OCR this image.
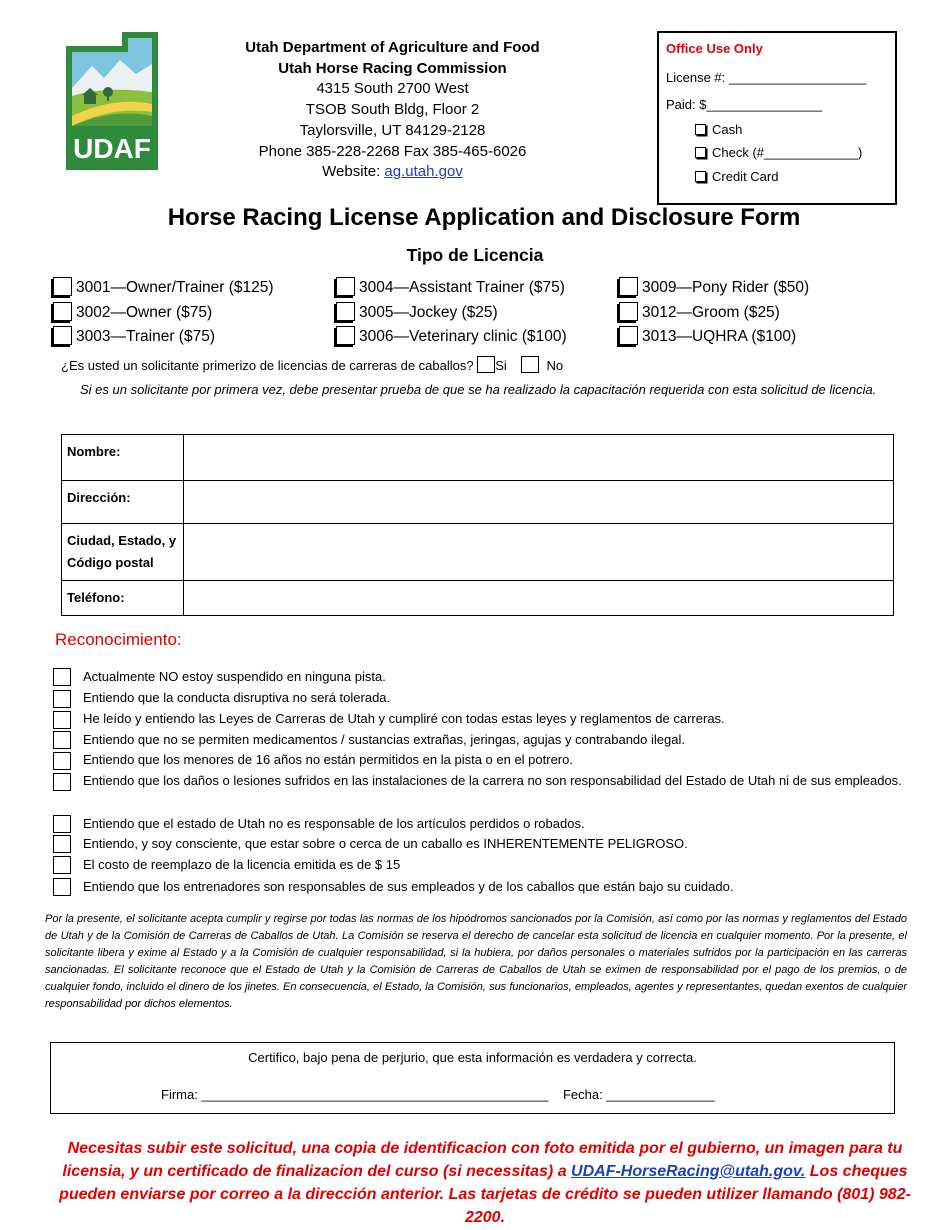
UDAF
Utah Department of Agriculture and Food
Utah Horse Racing Commission
4315 South 2700 West
TSOB South Bldg, Floor 2
Taylorsville, UT 84129-2128
Phone 385-228-2268 Fax 385-465-6026
Website: ag.utah.gov
Office Use Only
License #: ___________________
Paid: $________________
Cash
Check (#_____________)
Credit Card
Horse Racing License Application and Disclosure Form
Tipo de Licencia
3001—Owner/Trainer ($125)
3002—Owner ($75)
3003—Trainer ($75)
3004—Assistant Trainer ($75)
3005—Jockey ($25)
3006—Veterinary clinic ($100)
3009—Pony Rider ($50)
3012—Groom ($25)
3013—UQHRA ($100)
¿Es usted un solicitante primerizo de licencias de carreras de caballos? Si	No
Si es un solicitante por primera vez, debe presentar prueba de que se ha realizado la capacitación requerida con esta solicitud de licencia.
Nombre:	
Dirección:	
Ciudad, Estado, y Código postal	
Teléfono:	
Reconocimiento:
Actualmente NO estoy suspendido en ninguna pista.
Entiendo que la conducta disruptiva no será tolerada.
He leído y entiendo las Leyes de Carreras de Utah y cumpliré con todas estas leyes y reglamentos de carreras.
Entiendo que no se permiten medicamentos / sustancias extrañas, jeringas, agujas y contrabando ilegal.
Entiendo que los menores de 16 años no están permitidos en la pista o en el potrero.
Entiendo que los daños o lesiones sufridos en las instalaciones de la carrera no son responsabilidad del Estado de Utah ni de sus empleados.
Entiendo que el estado de Utah no es responsable de los artículos perdidos o robados.
Entiendo, y soy consciente, que estar sobre o cerca de un caballo es INHERENTEMENTE PELIGROSO.
El costo de reemplazo de la licencia emitida es de $ 15
Entiendo que los entrenadores son responsables de sus empleados y de los caballos que están bajo su cuidado.
Por la presente, el solicitante acepta cumplir y regirse por todas las normas de los hipódromos sancionados por la Comisión, así como por las normas y reglamentos del Estado de Utah y de la Comisión de Carreras de Caballos de Utah. La Comisión se reserva el derecho de cancelar esta solicitud de licencia en cualquier momento. Por la presente, el solicitante libera y exime al Estado y a la Comisión de cualquier responsabilidad, si la hubiera, por daños personales o materiales sufridos por la participación en las carreras sancionadas. El solicitante reconoce que el Estado de Utah y la Comisión de Carreras de Caballos de Utah se eximen de responsabilidad por el pago de los premios, o de cualquier fondo, incluido el dinero de los jinetes. En consecuencia, el Estado, la Comisión, sus funcionarios, empleados, agentes y representantes, quedan exentos de cualquier responsabilidad por dichos elementos.
Certifico, bajo pena de perjurio, que esta información es verdadera y correcta.
Firma: ________________________________________________ Fecha: _______________
Necesitas subir este solicitud, una copia de identificacion con foto emitida por el gubierno, un imagen para tu licensia, y un certificado de finalizacion del curso (si necessitas) a UDAF-HorseRacing@utah.gov. Los cheques pueden enviarse por correo a la dirección anterior. Las tarjetas de crédito se pueden utilizer llamando (801) 982-2200.
